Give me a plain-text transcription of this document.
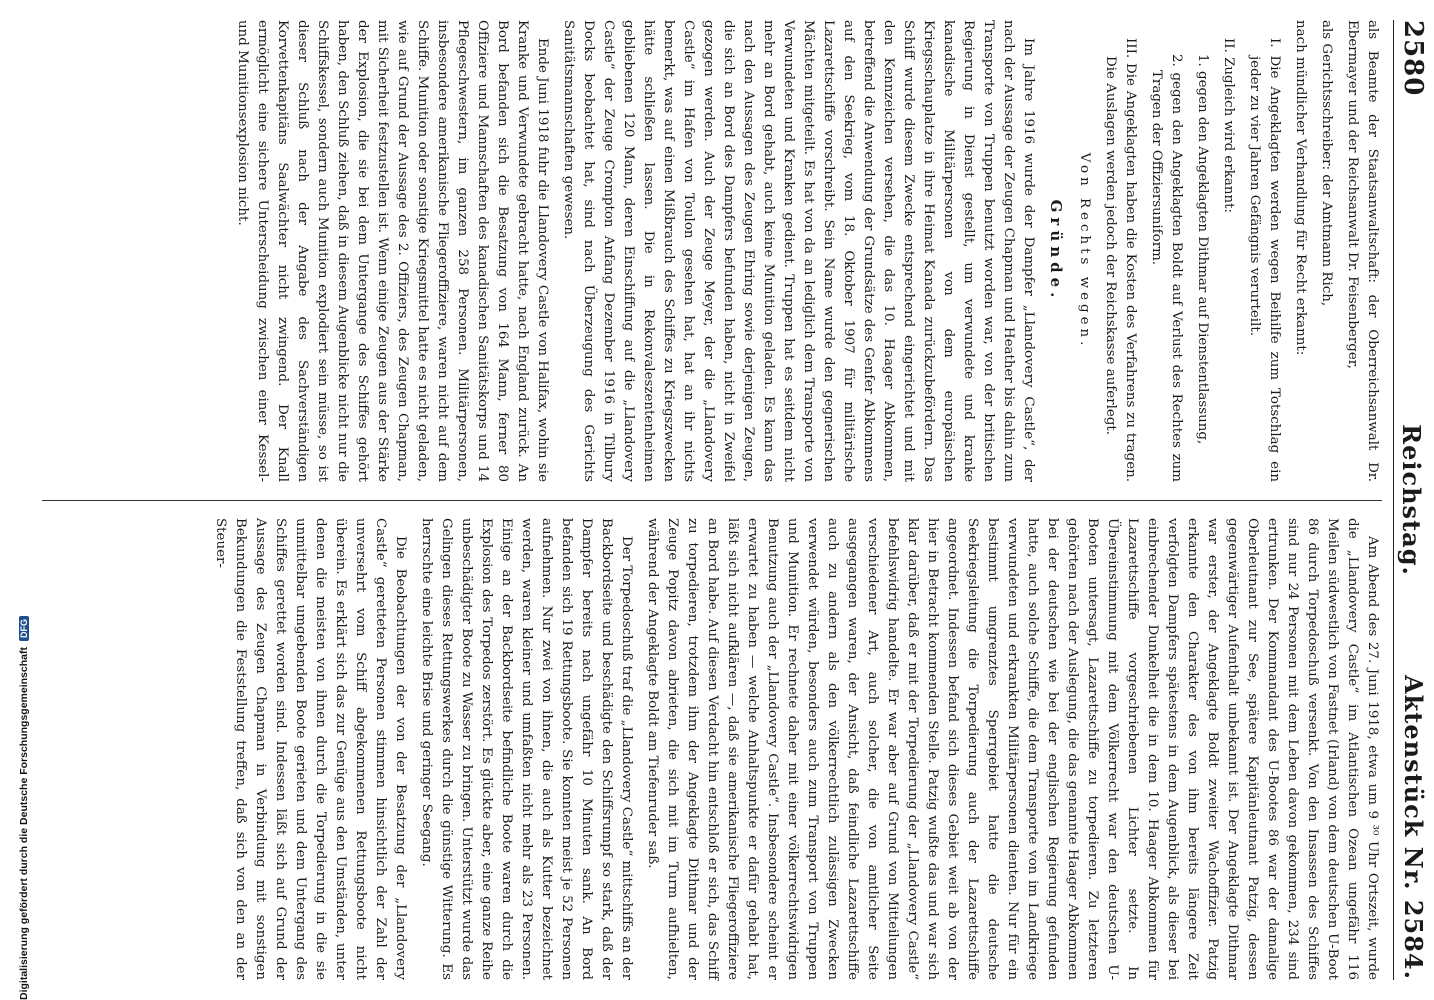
2580
Reichstag.
Aktenstück Nr. 2584.

als Beamte der Staatsanwaltschaft: der Oberreichsanwalt Dr. Ebermayer und der Reichsanwalt Dr. Feisenberger,

als Gerichtsschreiber: der Amtmann Rich,

nach mündlicher Verhandlung für Recht erkannt:

I. Die Angeklagten werden wegen Beihilfe zum Totschlag ein jeder zu vier Jahren Gefängnis verurteilt.

II. Zugleich wird erkannt:

1. gegen den Angeklagten Dithmar auf Dienstentlassung,

2. gegen den Angeklagten Boldt auf Verlust des Rechtes zum Tragen der Offiziersuniform.

III. Die Angeklagten haben die Kosten des Verfahrens zu tragen. Die Auslagen werden jedoch der Reichskasse auferlegt.

Von Rechts wegen.

Gründe.

Im Jahre 1916 wurde der Dampfer „Llandovery Castle“, der nach der Aussage der Zeugen Chapman und Heather bis dahin zum Transporte von Truppen benutzt worden war, von der britischen Regierung in Dienst gestellt, um verwundete und kranke kanadische Militärpersonen von dem europäischen Kriegsschauplatze in ihre Heimat Kanada zurückzubefördern. Das Schiff wurde diesem Zwecke entsprechend eingerichtet und mit den Kennzeichen versehen, die das 10. Haager Abkommen, betreffend die Anwendung der Grundsätze des Genfer Abkommens auf den Seekrieg, vom 18. Oktober 1907 für militärische Lazarettschiffe vorschreibt. Sein Name wurde den gegnerischen Mächten mitgeteilt. Es hat von da an lediglich dem Transporte von Verwundeten und Kranken gedient. Truppen hat es seitdem nicht mehr an Bord gehabt, auch keine Munition geladen. Es kann das nach den Aussagen des Zeugen Ehring sowie derjenigen Zeugen, die sich an Bord des Dampfers befunden haben, nicht in Zweifel gezogen werden. Auch der Zeuge Meyer, der die „Llandovery Castle“ im Hafen von Toulon gesehen hat, hat an ihr nichts bemerkt, was auf einen Mißbrauch des Schiffes zu Kriegszwecken hätte schließen lassen. Die in Rekonvaleszentenheimen gebliebenen 120 Mann, deren Einschiffung auf die „Llandovery Castle“ der Zeuge Crompton Anfang Dezember 1916 in Tilbury Docks beobachtet hat, sind nach Überzeugung des Gerichts Sanitätsmannschaften gewesen.

Ende Juni 1918 fuhr die Llandovery Castle von Halifax, wohin sie Kranke und Verwundete gebracht hatte, nach England zurück. An Bord befanden sich die Besatzung von 164 Mann, ferner 80 Offiziere und Mannschaften des kanadischen Sanitätskorps und 14 Pflegeschwestern, im ganzen 258 Personen. Militärpersonen, insbesondere amerikanische Fliegeroffiziere, waren nicht auf dem Schiffe. Munition oder sonstige Kriegsmittel hatte es nicht geladen, wie auf Grund der Aussage des 2. Offiziers, des Zeugen Chapman, mit Sicherheit festzustellen ist. Wenn einige Zeugen aus der Stärke der Explosion, die sie bei dem Untergange des Schiffes gehört haben, den Schluß ziehen, daß in diesem Augenblicke nicht nur die Schiffskessel, sondern auch Munition explodiert sein müsse, so ist dieser Schluß nach der Angabe des Sachverständigen Korvettenkapitäns Saalwächter nicht zwingend. Der Knall ermöglicht eine sichere Unterscheidung zwischen einer Kessel- und Munitionsexplosion nicht.

Am Abend des 27. Juni 1918, etwa um 9 ³⁰ Uhr Ortszeit, wurde die „Llandovery Castle“ im Atlantischen Ozean ungefähr 116 Meilen südwestlich von Fastnet (Irland) von dem deutschen U-Boot 86 durch Torpedoschuß versenkt. Von den Insassen des Schiffes sind nur 24 Personen mit dem Leben davon gekommen, 234 sind ertrunken. Der Kommandant des U-Bootes 86 war der damalige Oberleutnant zur See, spätere Kapitänleutnant Patzig, dessen gegenwärtiger Aufenthalt unbekannt ist. Der Angeklagte Dithmar war erster, der Angeklagte Boldt zweiter Wachoffizier. Patzig erkannte den Charakter des von ihm bereits längere Zeit verfolgten Dampfers spätestens in dem Augenblick, als dieser bei einbrechender Dunkelheit die in dem 10. Haager Abkommen für Lazarettschiffe vorgeschriebenen Lichter setzte. In Übereinstimmung mit dem Völkerrecht war den deutschen U-Booten untersagt, Lazarettschiffe zu torpedieren. Zu letzteren gehörten nach der Auslegung, die das genannte Haager Abkommen bei der deutschen wie bei der englischen Regierung gefunden hatte, auch solche Schiffe, die dem Transporte von im Landkriege verwundeten und erkrankten Militärpersonen dienten. Nur für ein bestimmt umgrenztes Sperrgebiet hatte die deutsche Seekriegsleitung die Torpedierung auch der Lazarettschiffe angeordnet. Indessen befand sich dieses Gebiet weit ab von der hier in Betracht kommenden Stelle. Patzig wußte das und war sich klar darüber, daß er mit der Torpedierung der „Llandovery Castle“ befehlswidrig handelte. Er war aber auf Grund von Mitteilungen verschiedener Art, auch solcher, die von amtlicher Seite ausgegangen waren, der Ansicht, daß feindliche Lazarettschiffe auch zu andern als den völkerrechtlich zulässigen Zwecken verwendet würden, besonders auch zum Transport von Truppen und Munition. Er rechnete daher mit einer völkerrechtswidrigen Benutzung auch der „Llandovery Castle“. Insbesondere scheint er erwartet zu haben — welche Anhaltspunkte er dafür gehabt hat, läßt sich nicht aufklären —, daß sie amerikanische Fliegeroffiziere an Bord habe. Auf diesen Verdacht hin entschloß er sich, das Schiff zu torpedieren, trotzdem ihm der Angeklagte Dithmar und der Zeuge Popitz davon abrieten, die sich mit im Turm aufhielten, während der Angeklagte Boldt am Tiefenruder saß.

Der Torpedoschuß traf die „Llandovery Castle“ mittschiffs an der Backbordseite und beschädigte den Schiffsrumpf so stark, daß der Dampfer bereits nach ungefähr 10 Minuten sank. An Bord befanden sich 19 Rettungsboote. Sie konnten meist je 52 Personen aufnehmen. Nur zwei von ihnen, die auch als Kutter bezeichnet werden, waren kleiner und umfaßten nicht mehr als 23 Personen. Einige an der Backbordseite befindliche Boote waren durch die Explosion des Torpedos zerstört. Es glückte aber, eine ganze Reihe unbeschädigter Boote zu Wasser zu bringen. Unterstützt wurde das Gelingen dieses Rettungswerkes durch die günstige Witterung. Es herrschte eine leichte Brise und geringer Seegang.

Die Beobachtungen der von der Besatzung der „Llandovery Castle“ geretteten Personen stimmen hinsichtlich der Zahl der unversehrt vom Schiff abgekommenen Rettungsboote nicht überein. Es erklärt sich das zur Genüge aus den Umständen, unter denen die meisten von ihnen durch die Torpedierung in die sie unmittelbar umgebenden Boote gerieten und dem Untergang des Schiffes gerettet worden sind. Indessen läßt sich auf Grund der Aussage des Zeugen Chapman in Verbindung mit sonstigen Bekundungen die Feststellung treffen, daß sich von den an der Steuer-

Digitalisierung gefördert durch die Deutsche ForschungsgemeinschaftDFG
